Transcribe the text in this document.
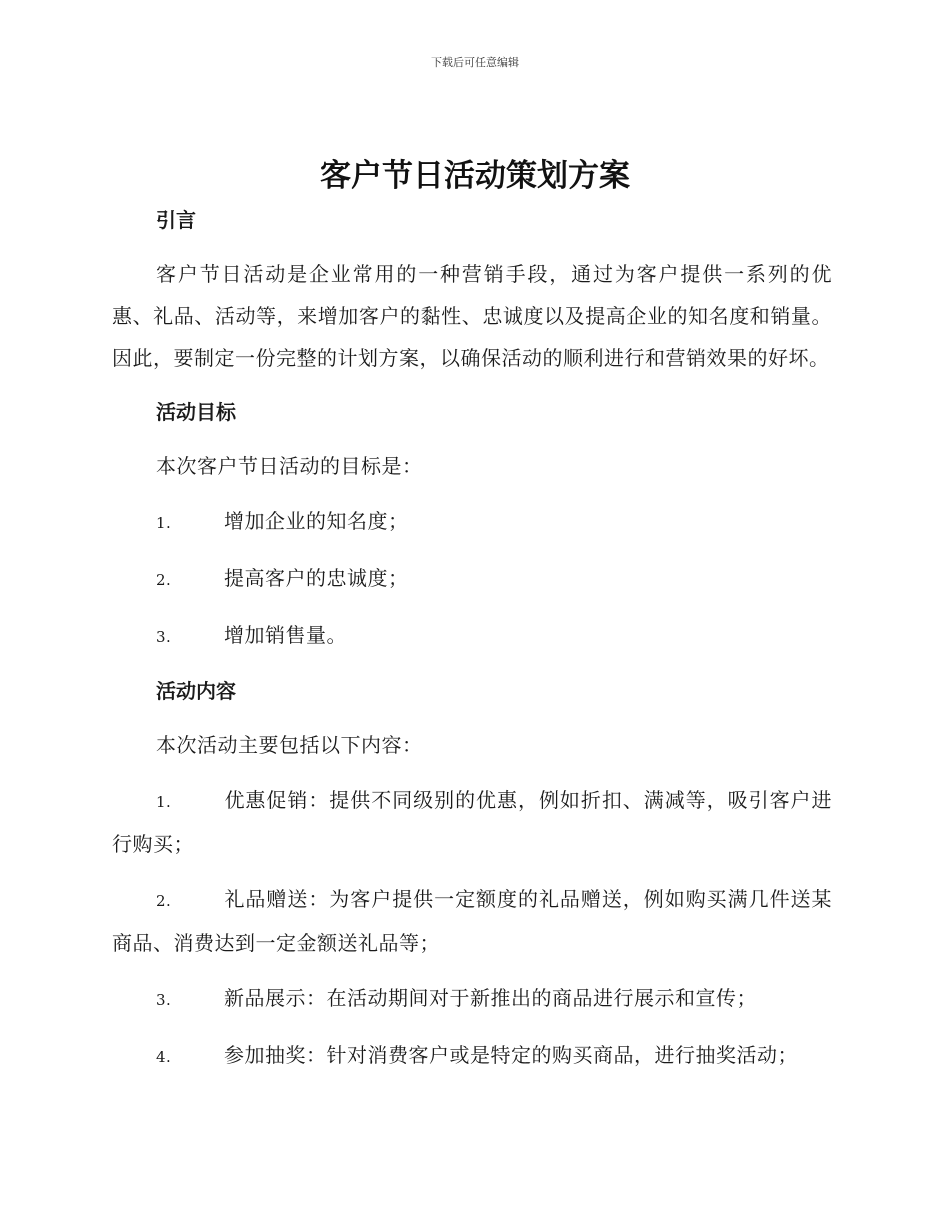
下载后可任意编辑
客户节日活动策划方案
引言

客户节日活动是企业常用的一种营销手段，通过为客户提供一系列的优惠、礼品、活动等，来增加客户的黏性、忠诚度以及提高企业的知名度和销量。因此，要制定一份完整的计划方案，以确保活动的顺利进行和营销效果的好坏。

活动目标

本次客户节日活动的目标是：

1.	增加企业的知名度；

2.	提高客户的忠诚度；

3.	增加销售量。

活动内容

本次活动主要包括以下内容：

1.	优惠促销：提供不同级别的优惠，例如折扣、满减等，吸引客户进行购买；

2.	礼品赠送：为客户提供一定额度的礼品赠送，例如购买满几件送某商品、消费达到一定金额送礼品等；

3.	新品展示：在活动期间对于新推出的商品进行展示和宣传；

4.	参加抽奖：针对消费客户或是特定的购买商品，进行抽奖活动；
